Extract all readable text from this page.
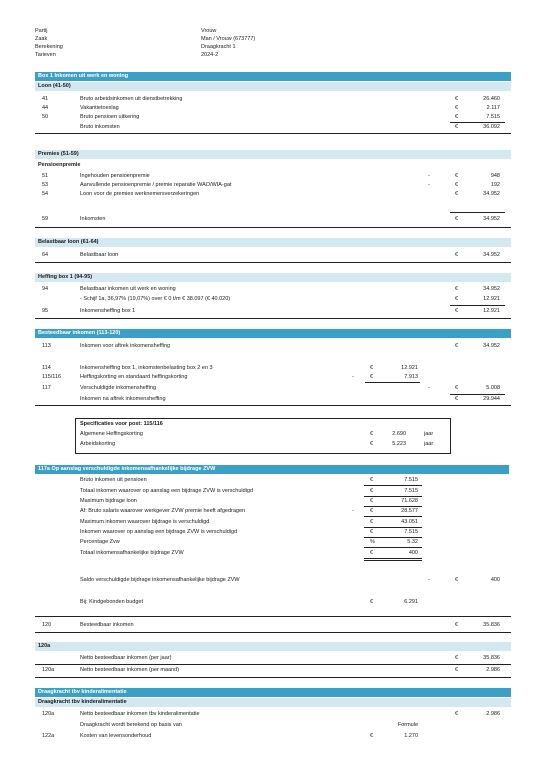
Partij	Vrouw
Zaak	Man / Vrouw (673777)
Berekening	Draagkracht 1
Tarieven	2024-2
Box 1 Inkomen uit werk en woning
Loon (41-50)
41	Bruto arbeidsinkomen uit dienstbetrekking	€	26.460
44	Vakantietoeslag	€	2.117
50	Bruto pensioen uitkering	€	7.515
Bruto inkomsten	€	36.092
Premies (51-59)
Pensioenpremie
51	Ingehouden pensioenpremie	-	€	948
53	Aanvullende pensioenpremie / premie reparatie WAO/WIA-gat	-	€	192
54	Loon voor de premies werknemersverzekeringen	€	34.952
59	Inkomsten	€	34.952
Belastbaar loon (61-64)
64	Belastbaar loon	€	34.952
Heffing box 1 (94-95)
94	Belastbaar inkomen uit werk en woning	€	34.952
- Schijf 1a, 36,97% (19,07%) over € 0 t/m € 38.097 (€ 40.020)	€	12.921
95	Inkomensheffing box 1	€	12.921
Besteedbaar inkomen (113-120)
113	Inkomen voor aftrek inkomensheffing	€	34.952
114	Inkomensheffing box 1, inkomstenbelasting box 2 en 3	€	12.921
115/116	Heffingskorting en standaard heffingskorting	-	€	7.913
117	Verschuldigde inkomensheffing	-	€	5.008
Inkomen na aftrek inkomensheffing	€	29.944
Specificaties voor post: 115/116
Algemene Heffingskorting	€	2.690	jaar
Arbeidskorting	€	5.223	jaar
117a Op aanslag verschuldigde inkomensafhankelijke bijdrage ZVW
Bruto inkomen uit pensioen	€	7.515
Totaal inkomen waarover op aanslag een bijdrage ZVW is verschuldigd	€	7.515
Maximum bijdrage loon	€	71.628
Af: Bruto salaris waarover werkgever ZVW premie heeft afgedragen	-	€	28.577
Maximum inkomen waarover bijdrage is verschuldigd	€	43.051
Inkomen waarover op aanslag een bijdrage ZVW is verschuldigd	€	7.515
Percentage Zvw	%	5.32
Totaal inkomensafhankelijke bijdrage ZVW	€	400
Saldo verschuldigde bijdrage inkomensafhankelijke bijdrage ZVW	-	€	400
Bij: Kindgebonden budget	€	6.291
120	Besteedbaar inkomen	€	35.836
120a
Netto besteedbaar inkomen (per jaar)	€	35.836
120a	Netto besteedbaar inkomen (per maand)	€	2.986
Draagkracht tbv kinderalimentatie
Draagkracht tbv kinderalimentatie
120a	Netto besteedbaar inkomen tbv kinderalimentatie	€	2.986
Draagkracht wordt berekend op basis van	Formule
122a	Kosten van levensonderhoud	€	1.270
